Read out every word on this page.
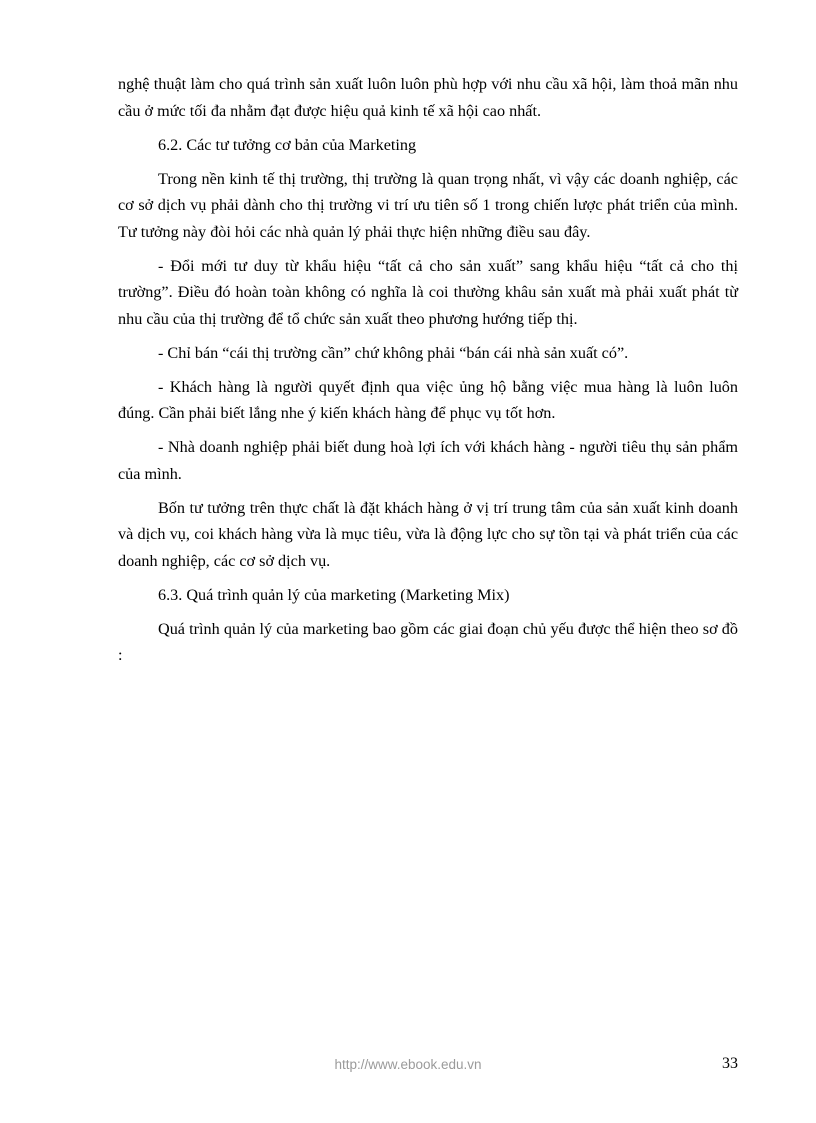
nghệ thuật làm cho quá trình sản xuất luôn luôn phù hợp với nhu cầu xã hội, làm thoả mãn nhu cầu ở mức tối đa nhằm đạt được hiệu quả kinh tế xã hội cao nhất.

6.2. Các tư tưởng cơ bản của Marketing

Trong nền kinh tế thị trường, thị trường là quan trọng nhất, vì vậy các doanh nghiệp, các cơ sở dịch vụ phải dành cho thị trường vi trí ưu tiên số 1 trong chiến lược phát triển của mình. Tư tưởng này đòi hỏi các nhà quản lý phải thực hiện những điều sau đây.

- Đổi mới tư duy từ khẩu hiệu “tất cả cho sản xuất” sang khẩu hiệu “tất cả cho thị trường”. Điều đó hoàn toàn không có nghĩa là coi thường khâu sản xuất mà phải xuất phát từ nhu cầu của thị trường để tổ chức sản xuất theo phương hướng tiếp thị.

- Chỉ bán “cái thị trường cần” chứ không phải “bán cái nhà sản xuất có”.

- Khách hàng là người quyết định qua việc ủng hộ bằng việc mua hàng là luôn luôn đúng. Cần phải biết lắng nhe ý kiến khách hàng để phục vụ tốt hơn.

- Nhà doanh nghiệp phải biết dung hoà lợi ích với khách hàng - người tiêu thụ sản phẩm của mình.

Bốn tư tưởng trên thực chất là đặt khách hàng ở vị trí trung tâm của sản xuất kinh doanh và dịch vụ, coi khách hàng vừa là mục tiêu, vừa là động lực cho sự tồn tại và phát triển của các doanh nghiệp, các cơ sở dịch vụ.

6.3. Quá trình quản lý của marketing (Marketing Mix)

Quá trình quản lý của marketing bao gồm các giai đoạn chủ yếu được thể hiện theo sơ đồ :

http://www.ebook.edu.vn	33
